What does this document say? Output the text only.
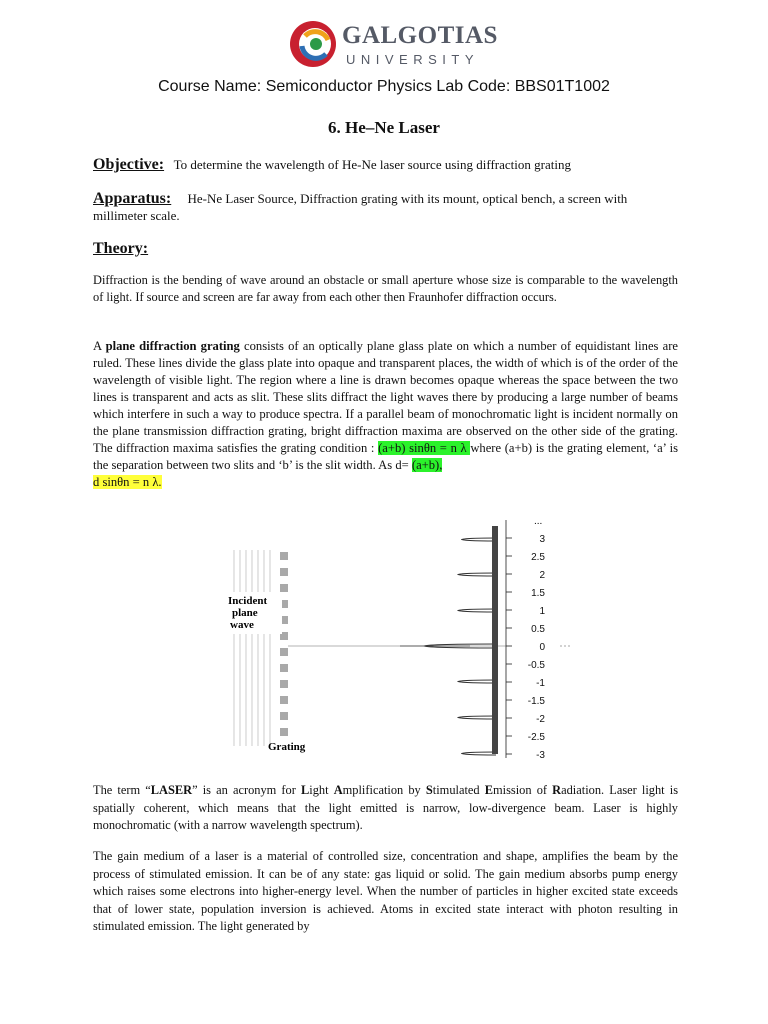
GALGOTIAS
UNIVERSITY
Course Name: Semiconductor Physics Lab Code: BBS01T1002
6. He–Ne Laser
Objective: To determine the wavelength of He-Ne laser source using diffraction grating
Apparatus: He-Ne Laser Source, Diffraction grating with its mount, optical bench, a screen with millimeter scale.
Theory:
Diffraction is the bending of wave around an obstacle or small aperture whose size is comparable to the wavelength of light. If source and screen are far away from each other then Fraunhofer diffraction occurs.
A plane diffraction grating consists of an optically plane glass plate on which a number of equidistant lines are ruled. These lines divide the glass plate into opaque and transparent places, the width of which is of the order of the wavelength of visible light. The region where a line is drawn becomes opaque whereas the space between the two lines is transparent and acts as slit. These slits diffract the light waves there by producing a large number of beams which interfere in such a way to produce spectra. If a parallel beam of monochromatic light is incident normally on the plane transmission diffraction grating, bright diffraction maxima are observed on the other side of the grating. The diffraction maxima satisfies the grating condition : (a+b) sinθn = n λ where (a+b) is the grating element, ‘a’ is the separation between two slits and ‘b’ is the slit width. As d= (a+b),
d sinθn = n λ.
Incident
plane
wave
Grating
...
3
2.5
2
1.5
1
0.5
0
-0.5
-1
-1.5
-2
-2.5
-3
The term “LASER” is an acronym for Light Amplification by Stimulated Emission of Radiation. Laser light is spatially coherent, which means that the light emitted is narrow, low-divergence beam. Laser is highly monochromatic (with a narrow wavelength spectrum).
The gain medium of a laser is a material of controlled size, concentration and shape, amplifies the beam by the process of stimulated emission. It can be of any state: gas liquid or solid. The gain medium absorbs pump energy which raises some electrons into higher-energy level. When the number of particles in higher excited state exceeds that of lower state, population inversion is achieved. Atoms in excited state interact with photon resulting in stimulated emission. The light generated by
